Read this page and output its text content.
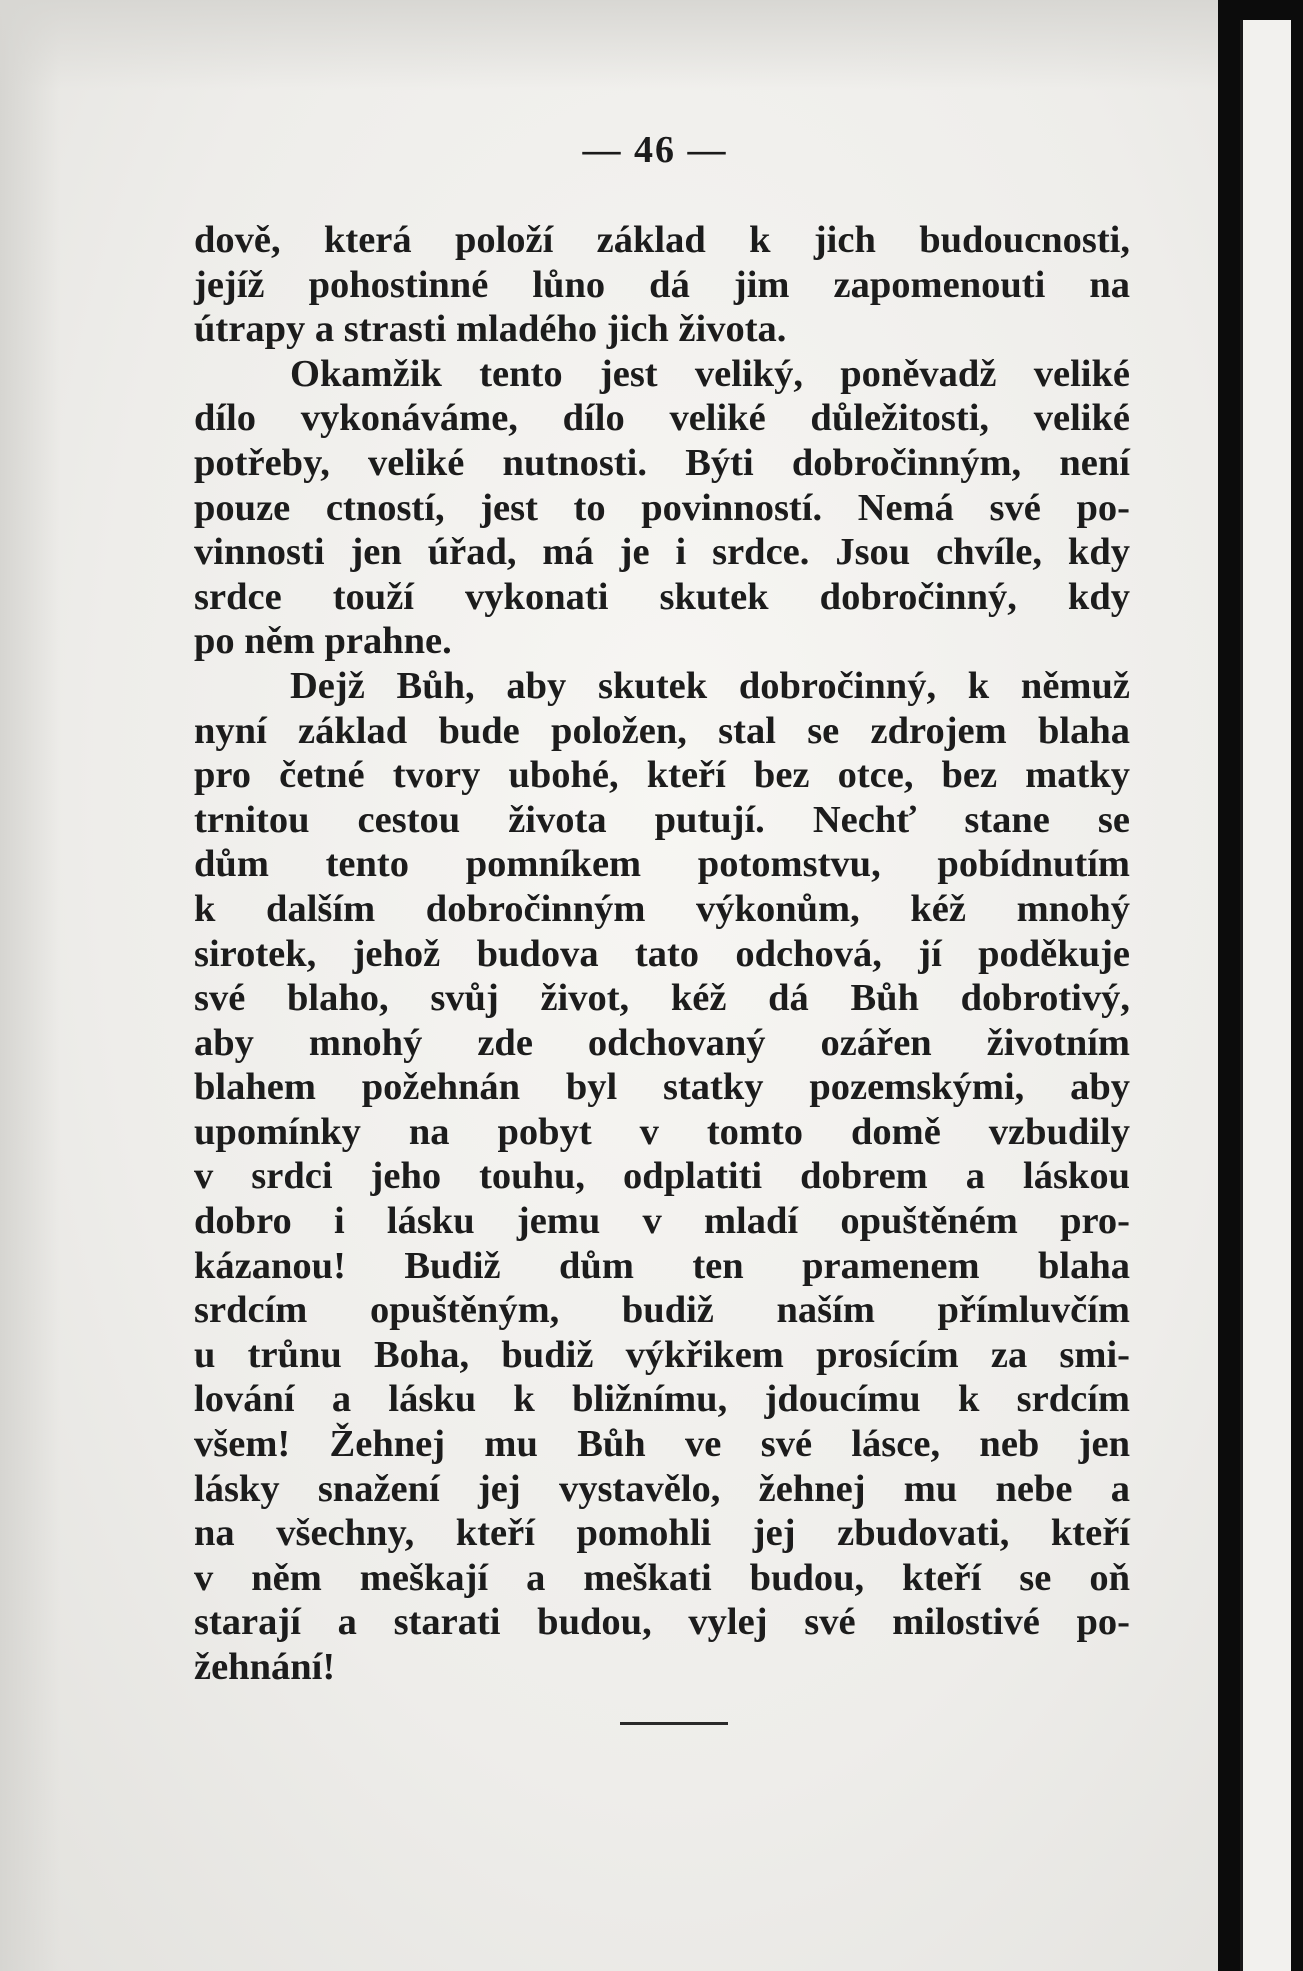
— 46 —
dově, která položí základ k jich budoucnosti,
jejíž pohostinné lůno dá jim zapomenouti na
útrapy a strasti mladého jich života.
Okamžik tento jest veliký, poněvadž veliké
dílo vykonáváme, dílo veliké důležitosti, veliké
potřeby, veliké nutnosti. Býti dobročinným, není
pouze ctností, jest to povinností. Nemá své po-
vinnosti jen úřad, má je i srdce. Jsou chvíle, kdy
srdce touží vykonati skutek dobročinný, kdy
po něm prahne.
Dejž Bůh, aby skutek dobročinný, k němuž
nyní základ bude položen, stal se zdrojem blaha
pro četné tvory ubohé, kteří bez otce, bez matky
trnitou cestou života putují. Nechť stane se
dům tento pomníkem potomstvu, pobídnutím
k dalším dobročinným výkonům, kéž mnohý
sirotek, jehož budova tato odchová, jí poděkuje
své blaho, svůj život, kéž dá Bůh dobrotivý,
aby mnohý zde odchovaný ozářen životním
blahem požehnán byl statky pozemskými, aby
upomínky na pobyt v tomto domě vzbudily
v srdci jeho touhu, odplatiti dobrem a láskou
dobro i lásku jemu v mladí opuštěném pro-
kázanou! Budiž dům ten pramenem blaha
srdcím opuštěným, budiž naším přímluvčím
u trůnu Boha, budiž výkřikem prosícím za smi-
lování a lásku k bližnímu, jdoucímu k srdcím
všem! Žehnej mu Bůh ve své lásce, neb jen
lásky snažení jej vystavělo, žehnej mu nebe a
na všechny, kteří pomohli jej zbudovati, kteří
v něm meškají a meškati budou, kteří se oň
starají a starati budou, vylej své milostivé po-
žehnání!
